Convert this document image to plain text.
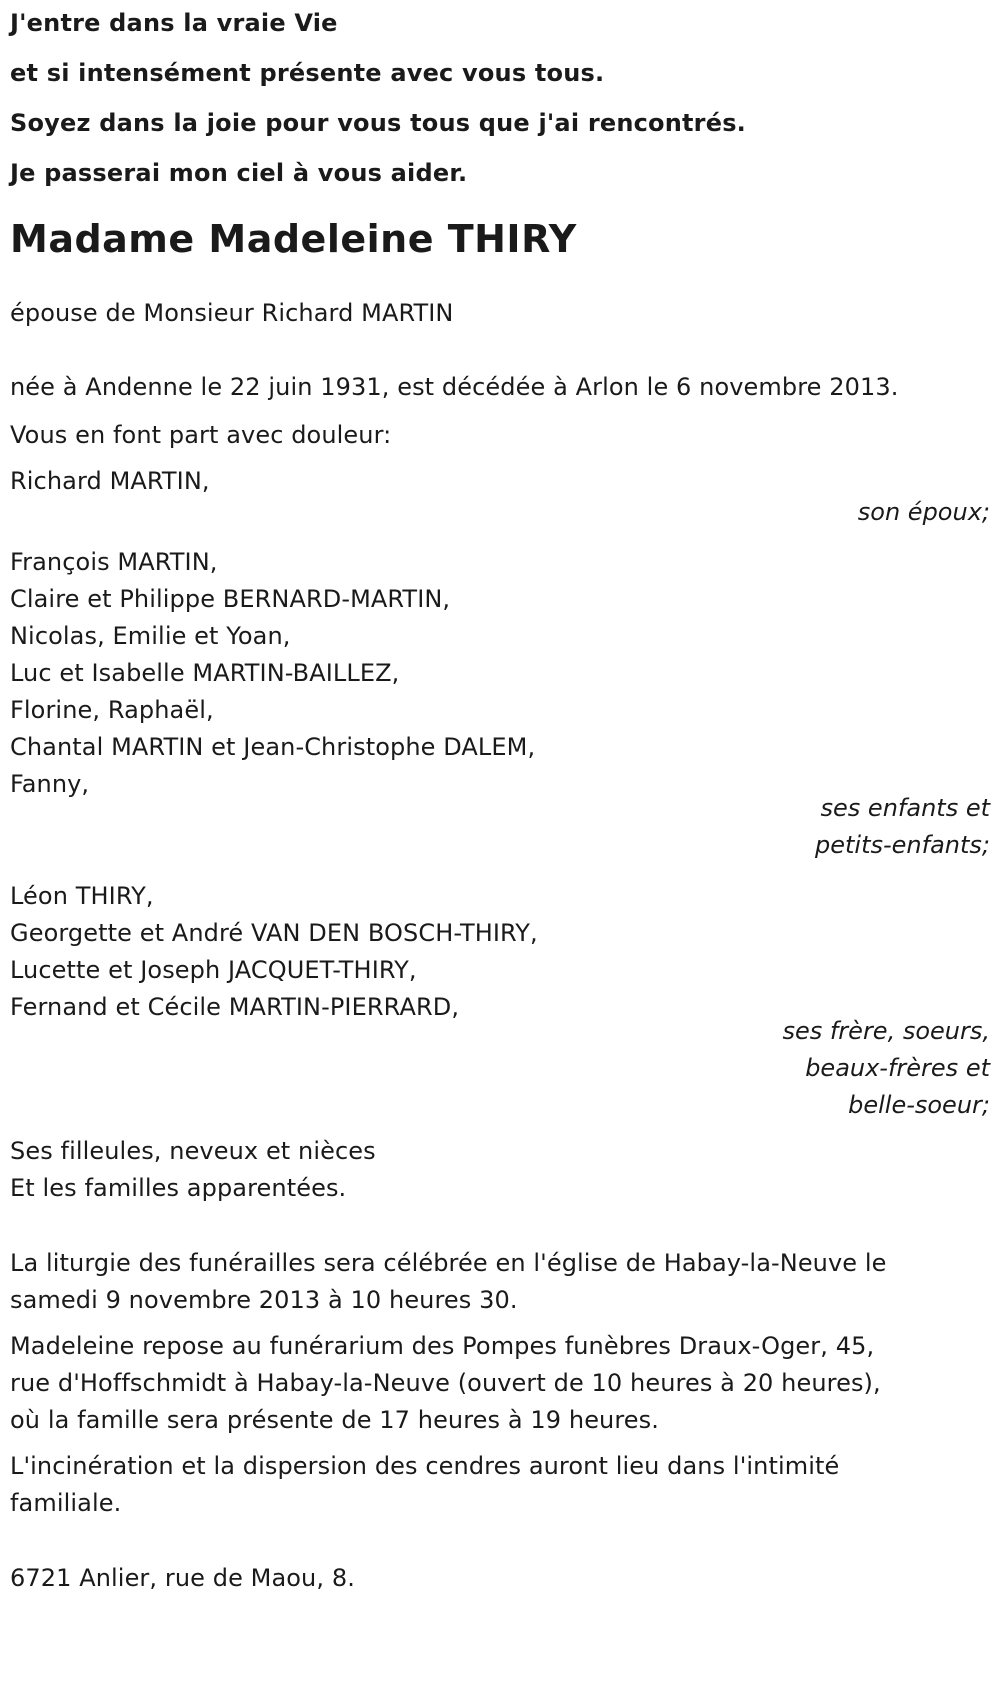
J'entre dans la vraie Vie
et si intensément présente avec vous tous.
Soyez dans la joie pour vous tous que j'ai rencontrés.
Je passerai mon ciel à vous aider.
Madame Madeleine THIRY
épouse de Monsieur Richard MARTIN
née à Andenne le 22 juin 1931, est décédée à Arlon le 6 novembre 2013.
Vous en font part avec douleur:
Richard MARTIN,
son époux;
François MARTIN,
Claire et Philippe BERNARD-MARTIN,
Nicolas, Emilie et Yoan,
Luc et Isabelle MARTIN-BAILLEZ,
Florine, Raphaël,
Chantal MARTIN et Jean-Christophe DALEM,
Fanny,
ses enfants et
petits-enfants;
Léon THIRY,
Georgette et André VAN DEN BOSCH-THIRY,
Lucette et Joseph JACQUET-THIRY,
Fernand et Cécile MARTIN-PIERRARD,
ses frère, soeurs,
beaux-frères et
belle-soeur;
Ses filleules, neveux et nièces
Et les familles apparentées.
La liturgie des funérailles sera célébrée en l'église de Habay-la-Neuve le
samedi 9 novembre 2013 à 10 heures 30.
Madeleine repose au funérarium des Pompes funèbres Draux-Oger, 45,
rue d'Hoffschmidt à Habay-la-Neuve (ouvert de 10 heures à 20 heures),
où la famille sera présente de 17 heures à 19 heures.
L'incinération et la dispersion des cendres auront lieu dans l'intimité
familiale.
6721 Anlier, rue de Maou, 8.
